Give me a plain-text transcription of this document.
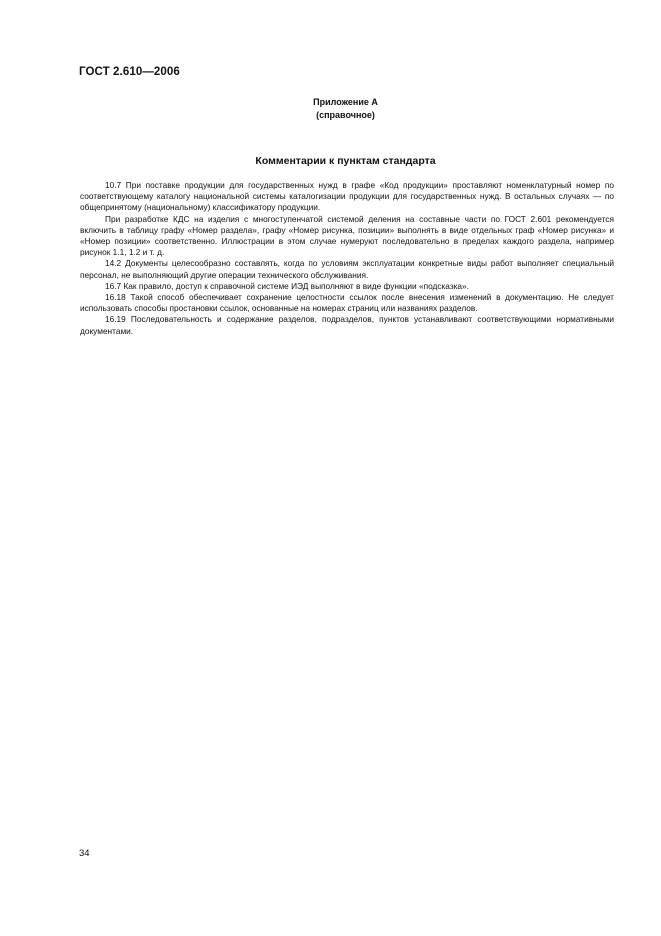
ГОСТ 2.610—2006
Приложение А
(справочное)
Комментарии к пунктам стандарта

10.7 При поставке продукции для государственных нужд в графе «Код продукции» проставляют номенклатурный номер по соответствующему каталогу национальной системы каталогизации продукции для государственных нужд. В остальных случаях — по общепринятому (национальному) классификатору продукции.

При разработке КДС на изделия с многоступенчатой системой деления на составные части по ГОСТ 2.601 рекомендуется включить в таблицу графу «Номер раздела», графу «Номер рисунка, позиции» выполнять в виде отдельных граф «Номер рисунка» и «Номер позиции» соответственно. Иллюстрации в этом случае нумеруют последовательно в пределах каждого раздела, например рисунок 1.1, 1.2 и т. д.

14.2 Документы целесообразно составлять, когда по условиям эксплуатации конкретные виды работ выполняет специальный персонал, не выполняющий другие операции технического обслуживания.

16.7 Как правило, доступ к справочной системе ИЭД выполняют в виде функции «подсказка».

16.18 Такой способ обеспечивает сохранение целостности ссылок после внесения изменений в документацию. Не следует использовать способы простановки ссылок, основанные на номерах страниц или названиях разделов.

16.19 Последовательность и содержание разделов, подразделов, пунктов устанавливают соответствующими нормативными документами.

34
